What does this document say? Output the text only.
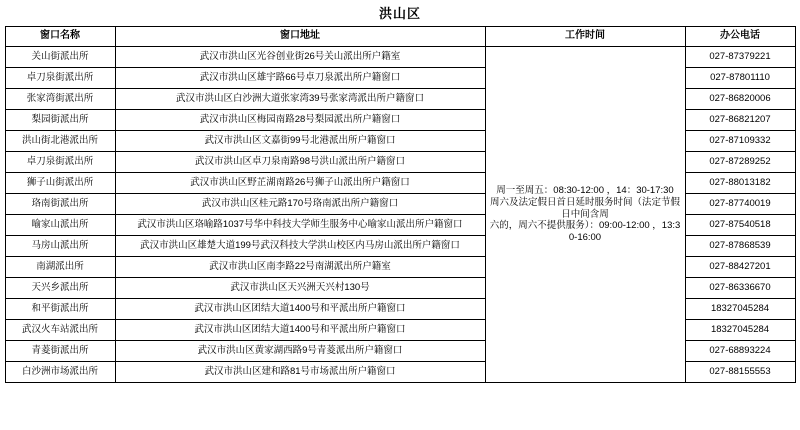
洪山区
窗口名称	窗口地址	工作时间	办公电话
关山街派出所	武汉市洪山区光谷创业街26号关山派出所户籍室	周一至周五：08:30-12:00 ，14：30-17:30
周六及法定假日首日延时服务时间（法定节假日中间含周
六的，周六不提供服务）：09:00-12:00 ，13:30-16:00	027-87379221
卓刀泉街派出所	武汉市洪山区雄宇路66号卓刀泉派出所户籍窗口		027-87801110
张家湾街派出所	武汉市洪山区白沙洲大道张家湾39号张家湾派出所户籍窗口		027-86820006
梨园街派出所	武汉市洪山区梅园南路28号梨园派出所户籍窗口		027-86821207
洪山街北港派出所	武汉市洪山区文嘉街99号北港派出所户籍窗口		027-87109332
卓刀泉街派出所	武汉市洪山区卓刀泉南路98号洪山派出所户籍窗口		027-87289252
狮子山街派出所	武汉市洪山区野芷湖南路26号狮子山派出所户籍窗口		027-88013182
珞南街派出所	武汉市洪山区桂元路170号珞南派出所户籍窗口		027-87740019
喻家山派出所	武汉市洪山区珞喻路1037号华中科技大学师生服务中心喻家山派出所户籍窗口		027-87540518
马房山派出所	武汉市洪山区雄楚大道199号武汉科技大学洪山校区内马房山派出所户籍窗口		027-87868539
南湖派出所	武汉市洪山区南李路22号南湖派出所户籍室		027-88427201
天兴乡派出所	武汉市洪山区天兴洲天兴村130号		027-86336670
和平街派出所	武汉市洪山区团结大道1400号和平派出所户籍窗口		18327045284
武汉火车站派出所	武汉市洪山区团结大道1400号和平派出所户籍窗口		18327045284
青菱街派出所	武汉市洪山区黄家湖西路9号青菱派出所户籍窗口		027-68893224
白沙洲市场派出所	武汉市洪山区建和路81号市场派出所户籍窗口		027-88155553
